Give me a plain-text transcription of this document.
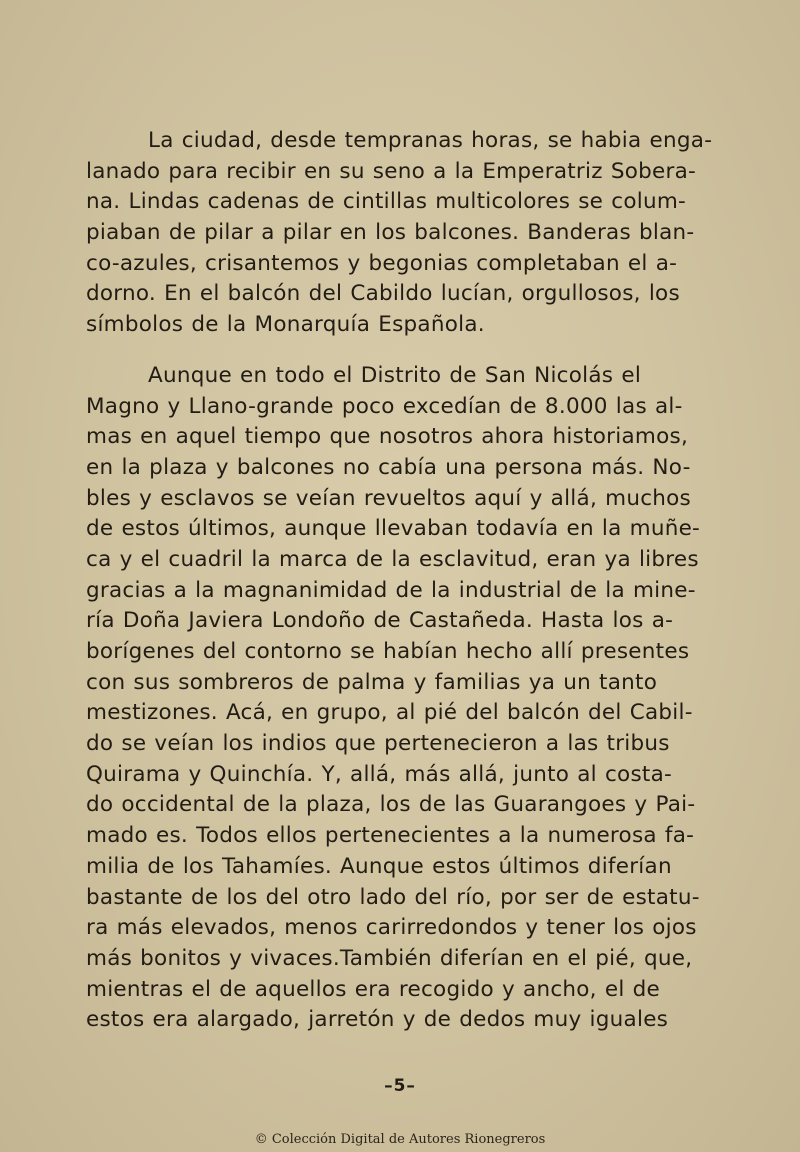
La ciudad, desde tempranas horas, se habia enga-
lanado para recibir en su seno a la Emperatriz Sobera-
na. Lindas cadenas de cintillas multicolores se colum-
piaban de pilar a pilar en los balcones. Banderas blan-
co-azules, crisantemos y begonias completaban el a-
dorno. En el balcón del Cabildo lucían, orgullosos, los
símbolos de la Monarquía Española.
Aunque en todo el Distrito de San Nicolás el
Magno y Llano-grande poco excedían de 8.000 las al-
mas en aquel tiempo que nosotros ahora historiamos,
en la plaza y balcones no cabía una persona más. No-
bles y esclavos se veían revueltos aquí y allá, muchos
de estos últimos, aunque llevaban todavía en la muñe-
ca y el cuadril la marca de la esclavitud, eran ya libres
gracias a la magnanimidad de la industrial de la mine-
ría Doña Javiera Londoño de Castañeda. Hasta los a-
borígenes del contorno se habían hecho allí presentes
con sus sombreros de palma y familias ya un tanto
mestizones. Acá, en grupo, al pié del balcón del Cabil-
do se veían los indios que pertenecieron a las tribus
Quirama y Quinchía. Y, allá, más allá, junto al costa-
do occidental de la plaza, los de las Guarangoes y Pai-
mado es. Todos ellos pertenecientes a la numerosa fa-
milia de los Tahamíes. Aunque estos últimos diferían
bastante de los del otro lado del río, por ser de estatu-
ra más elevados, menos carirredondos y tener los ojos
más bonitos y vivaces.También diferían en el pié, que,
mientras el de aquellos era recogido y ancho, el de
estos era alargado, jarretón y de dedos muy iguales
–5–
© Colección Digital de Autores Rionegreros
